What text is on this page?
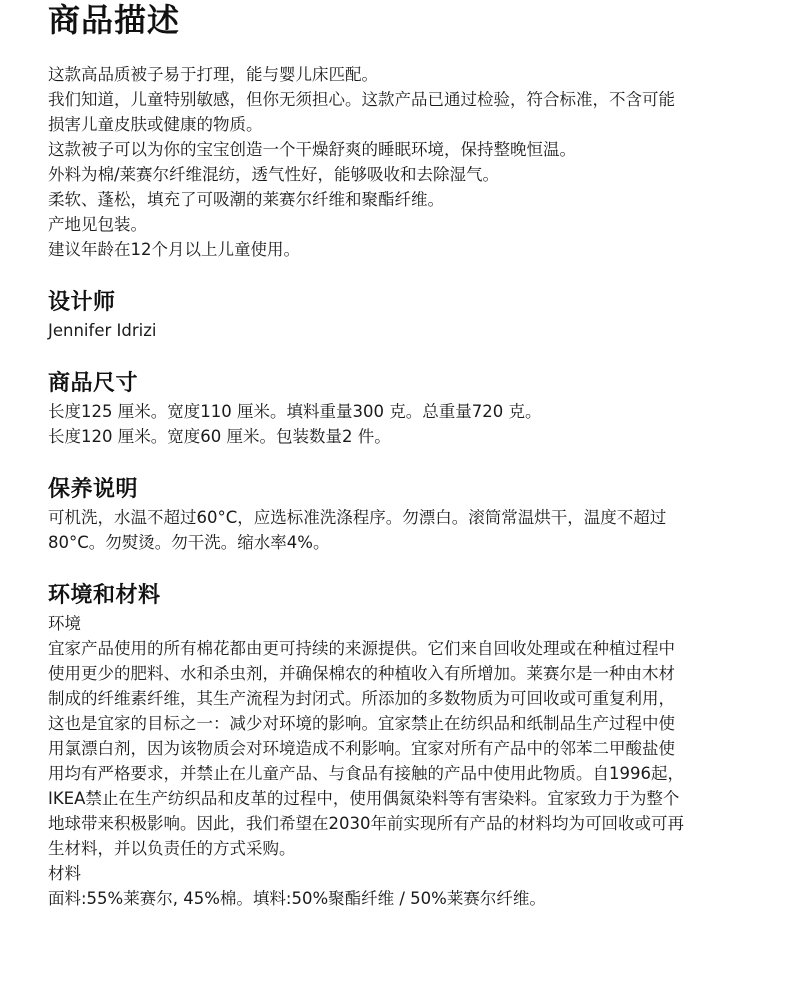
商品描述
这款高品质被子易于打理，能与婴儿床匹配。
我们知道，儿童特别敏感，但你无须担心。这款产品已通过检验，符合标准，不含可能
损害儿童皮肤或健康的物质。
这款被子可以为你的宝宝创造一个干燥舒爽的睡眠环境，保持整晚恒温。
外料为棉/莱赛尔纤维混纺，透气性好，能够吸收和去除湿气。
柔软、蓬松，填充了可吸潮的莱赛尔纤维和聚酯纤维。
产地见包装。
建议年龄在12个月以上儿童使用。
设计师
Jennifer Idrizi
商品尺寸
长度125 厘米。宽度110 厘米。填料重量300 克。总重量720 克。
长度120 厘米。宽度60 厘米。包装数量2 件。
保养说明
可机洗，水温不超过60°C，应选标准洗涤程序。勿漂白。滚筒常温烘干，温度不超过
80°C。勿熨烫。勿干洗。缩水率4%。
环境和材料
环境
宜家产品使用的所有棉花都由更可持续的来源提供。它们来自回收处理或在种植过程中
使用更少的肥料、水和杀虫剂，并确保棉农的种植收入有所增加。莱赛尔是一种由木材
制成的纤维素纤维，其生产流程为封闭式。所添加的多数物质为可回收或可重复利用，
这也是宜家的目标之一：减少对环境的影响。宜家禁止在纺织品和纸制品生产过程中使
用氯漂白剂，因为该物质会对环境造成不利影响。宜家对所有产品中的邻苯二甲酸盐使
用均有严格要求，并禁止在儿童产品、与食品有接触的产品中使用此物质。自1996起，
IKEA禁止在生产纺织品和皮革的过程中，使用偶氮染料等有害染料。宜家致力于为整个
地球带来积极影响。因此，我们希望在2030年前实现所有产品的材料均为可回收或可再
生材料，并以负责任的方式采购。
材料
面料:55%莱赛尔, 45%棉。填料:50%聚酯纤维 / 50%莱赛尔纤维。
